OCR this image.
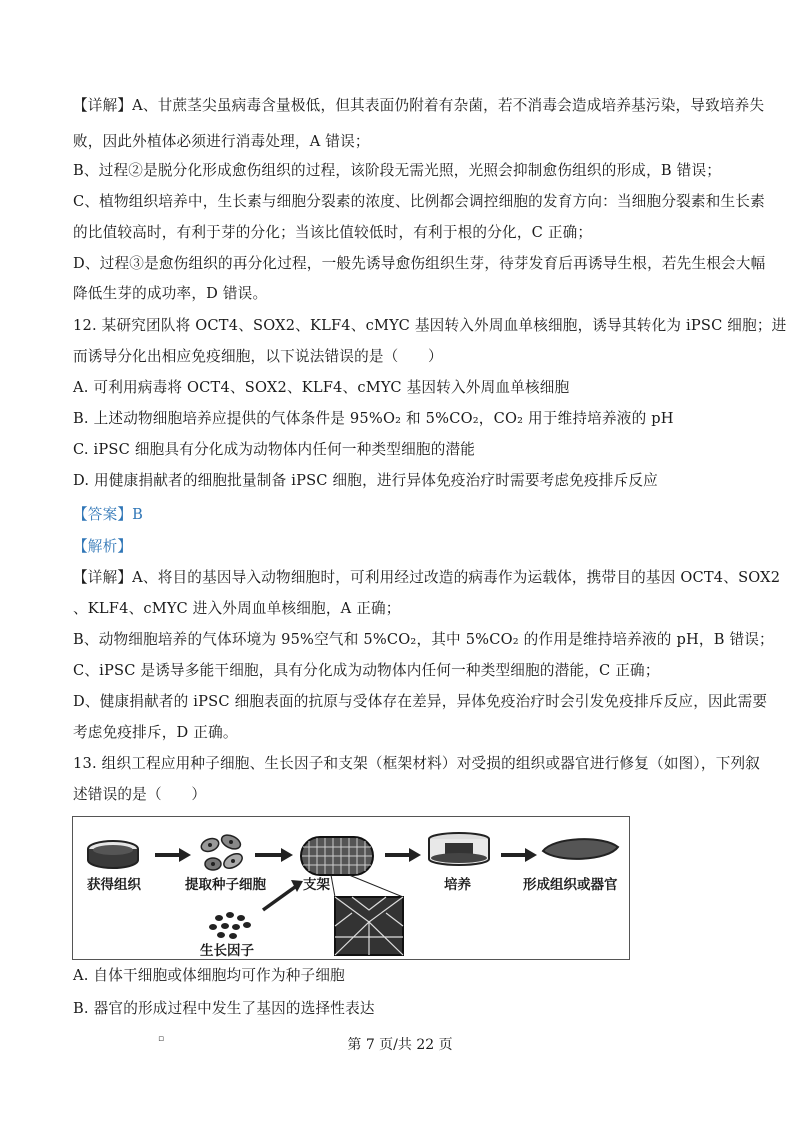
【详解】A、甘蔗茎尖虽病毒含量极低，但其表面仍附着有杂菌，若不消毒会造成培养基污染，导致培养失
败，因此外植体必须进行消毒处理，A 错误；
B、过程②是脱分化形成愈伤组织的过程，该阶段无需光照，光照会抑制愈伤组织的形成，B 错误；
C、植物组织培养中，生长素与细胞分裂素的浓度、比例都会调控细胞的发育方向：当细胞分裂素和生长素
的比值较高时，有利于芽的分化；当该比值较低时，有利于根的分化，C 正确；
D、过程③是愈伤组织的再分化过程，一般先诱导愈伤组织生芽，待芽发育后再诱导生根，若先生根会大幅
降低生芽的成功率，D 错误。
12. 某研究团队将 OCT4、SOX2、KLF4、cMYC 基因转入外周血单核细胞，诱导其转化为 iPSC 细胞；进
而诱导分化出相应免疫细胞，以下说法错误的是（　　）
A. 可利用病毒将 OCT4、SOX2、KLF4、cMYC 基因转入外周血单核细胞
B. 上述动物细胞培养应提供的气体条件是 95%O₂ 和 5%CO₂，CO₂ 用于维持培养液的 pH
C. iPSC 细胞具有分化成为动物体内任何一种类型细胞的潜能
D. 用健康捐献者的细胞批量制备 iPSC 细胞，进行异体免疫治疗时需要考虑免疫排斥反应
【答案】B
【解析】
【详解】A、将目的基因导入动物细胞时，可利用经过改造的病毒作为运载体，携带目的基因 OCT4、SOX2
、KLF4、cMYC 进入外周血单核细胞，A 正确；
B、动物细胞培养的气体环境为 95%空气和 5%CO₂，其中 5%CO₂ 的作用是维持培养液的 pH，B 错误；
C、iPSC 是诱导多能干细胞，具有分化成为动物体内任何一种类型细胞的潜能，C 正确；
D、健康捐献者的 iPSC 细胞表面的抗原与受体存在差异，异体免疫治疗时会引发免疫排斥反应，因此需要
考虑免疫排斥，D 正确。
13. 组织工程应用种子细胞、生长因子和支架（框架材料）对受损的组织或器官进行修复（如图），下列叙
述错误的是（　　）
A. 自体干细胞或体细胞均可作为种子细胞
B. 器官的形成过程中发生了基因的选择性表达
获得组织	提取种子细胞	支架	培养	形成组织或器官
生长因子
▫	第 7 页/共 22 页
